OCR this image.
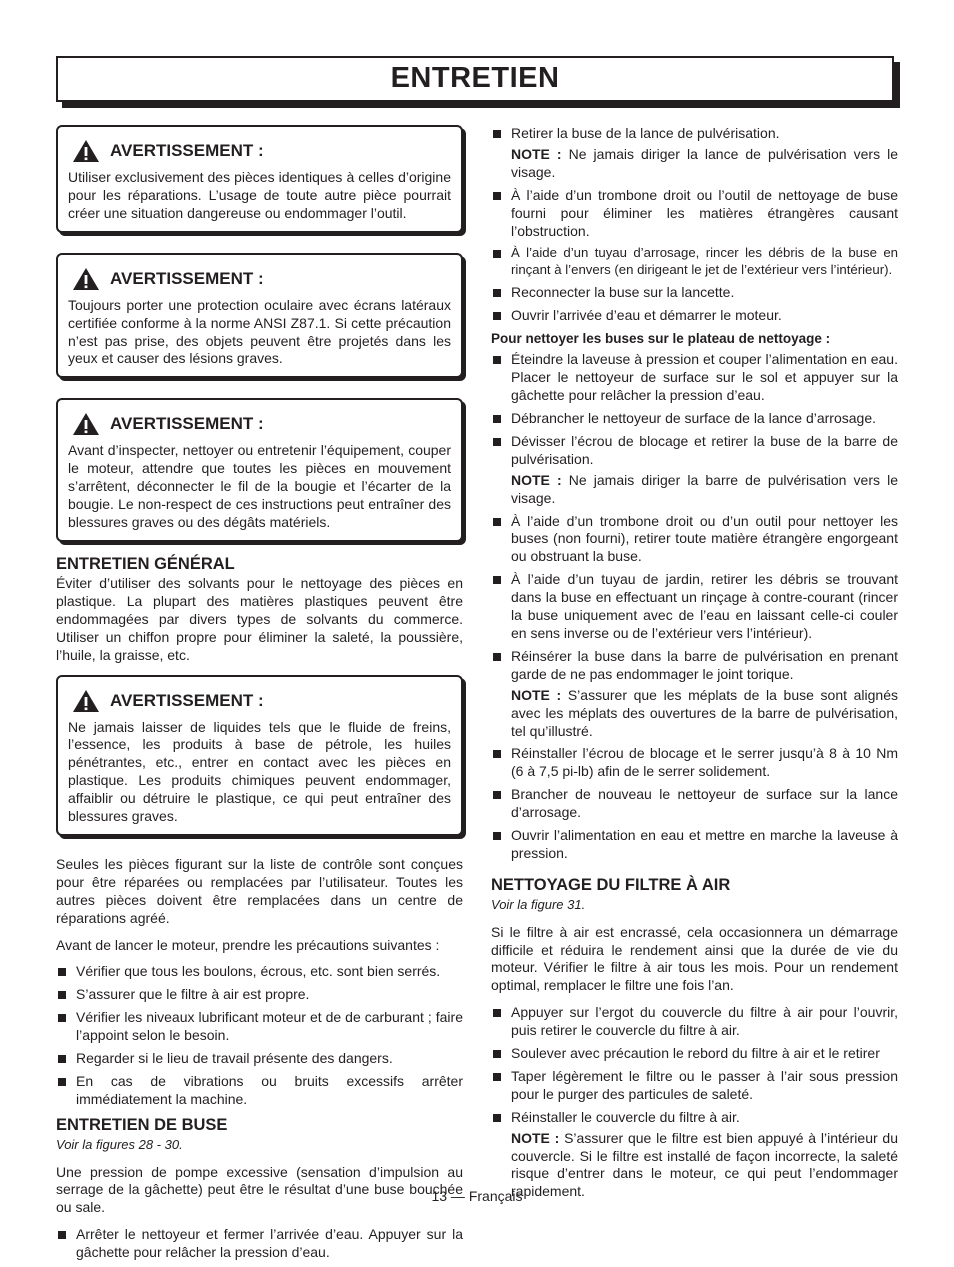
ENTRETIEN
AVERTISSEMENT :

Utiliser exclusivement des pièces identiques à celles d’origine pour les réparations. L’usage de toute autre pièce pourrait créer une situation dangereuse ou endommager l’outil.

AVERTISSEMENT :

Toujours porter une protection oculaire avec écrans latéraux certifiée conforme à la norme ANSI Z87.1. Si cette précaution n’est pas prise, des objets peuvent être projetés dans les yeux et causer des lésions graves.

AVERTISSEMENT :

Avant d’inspecter, nettoyer ou entretenir l’équipement, couper le moteur, attendre que toutes les pièces en mouvement s’arrêtent, déconnecter le fil de la bougie et l’écarter de la bougie. Le non-respect de ces instructions peut entraîner des blessures graves ou des dégâts matériels.

ENTRETIEN GÉNÉRAL

Éviter d’utiliser des solvants pour le nettoyage des pièces en plastique. La plupart des matières plastiques peuvent être endommagées par divers types de solvants du commerce. Utiliser un chiffon propre pour éliminer la saleté, la poussière, l’huile, la graisse, etc.

AVERTISSEMENT :

Ne jamais laisser de liquides tels que le fluide de freins, l’essence, les produits à base de pétrole, les huiles pénétrantes, etc., entrer en contact avec les pièces en plastique. Les produits chimiques peuvent endommager, affaiblir ou détruire le plastique, ce qui peut entraîner des blessures graves.

Seules les pièces figurant sur la liste de contrôle sont conçues pour être réparées ou remplacées par l’utilisateur. Toutes les autres pièces doivent être remplacées dans un centre de réparations agréé.

Avant de lancer le moteur, prendre les précautions suivantes :

Vérifier que tous les boulons, écrous, etc. sont bien serrés.
S’assurer que le filtre à air est propre.
Vérifier les niveaux lubrificant moteur et de de carburant ; faire l’appoint selon le besoin.
Regarder si le lieu de travail présente des dangers.
En cas de vibrations ou bruits excessifs arrêter immédiatement la machine.
ENTRETIEN DE BUSE
Voir la figures 28 - 30.

Une pression de pompe excessive (sensation d’impulsion au serrage de la gâchette) peut être le résultat d’une buse bouchée ou sale.

Arrêter le nettoyeur et fermer l’arrivée d’eau. Appuyer sur la gâchette pour relâcher la pression d’eau.
Retirer la buse de la lance de pulvérisation.
NOTE : Ne jamais diriger la lance de pulvérisation vers le visage.
À l’aide d’un trombone droit ou l’outil de nettoyage de buse fourni pour éliminer les matières étrangères causant l’obstruction.
À l’aide d’un tuyau d’arrosage, rincer les débris de la buse en rinçant à l’envers (en dirigeant le jet de l’extérieur vers l’intérieur).
Reconnecter la buse sur la lancette.
Ouvrir l’arrivée d’eau et démarrer le moteur.
Pour nettoyer les buses sur le plateau de nettoyage :
Éteindre la laveuse à pression et couper l’alimentation en eau. Placer le nettoyeur de surface sur le sol et appuyer sur la gâchette pour relâcher la pression d’eau.
Débrancher le nettoyeur de surface de la lance d’arrosage.
Dévisser l’écrou de blocage et retirer la buse de la barre de pulvérisation.
NOTE : Ne jamais diriger la barre de pulvérisation vers le visage.
À l’aide d’un trombone droit ou d’un outil pour nettoyer les buses (non fourni), retirer toute matière étrangère engorgeant ou obstruant la buse.
À l’aide d’un tuyau de jardin, retirer les débris se trouvant dans la buse en effectuant un rinçage à contre-courant (rincer la buse uniquement avec de l’eau en laissant celle-ci couler en sens inverse ou de l’extérieur vers l’intérieur).
Réinsérer la buse dans la barre de pulvérisation en prenant garde de ne pas endommager le joint torique.
NOTE : S’assurer que les méplats de la buse sont alignés avec les méplats des ouvertures de la barre de pulvérisation, tel qu’illustré.
Réinstaller l’écrou de blocage et le serrer jusqu’à 8 à 10 Nm (6 à 7,5 pi-lb) afin de le serrer solidement.
Brancher de nouveau le nettoyeur de surface sur la lance d’arrosage.
Ouvrir l’alimentation en eau et mettre en marche la laveuse à pression.
NETTOYAGE DU FILTRE À AIR
Voir la figure 31.

Si le filtre à air est encrassé, cela occasionnera un démarrage difficile et réduira le rendement ainsi que la durée de vie du moteur. Vérifier le filtre à air tous les mois. Pour un rendement optimal, remplacer le filtre une fois l’an.

Appuyer sur l’ergot du couvercle du filtre à air pour l’ouvrir, puis retirer le couvercle du filtre à air.
Soulever avec précaution le rebord du filtre à air et le retirer
Taper légèrement le filtre ou le passer à l’air sous pression pour le purger des particules de saleté.
Réinstaller le couvercle du filtre à air.
NOTE : S’assurer que le filtre est bien appuyé à l’intérieur du couvercle. Si le filtre est installé de façon incorrecte, la saleté risque d’entrer dans le moteur, ce qui peut l’endommager rapidement.
13 — Français
